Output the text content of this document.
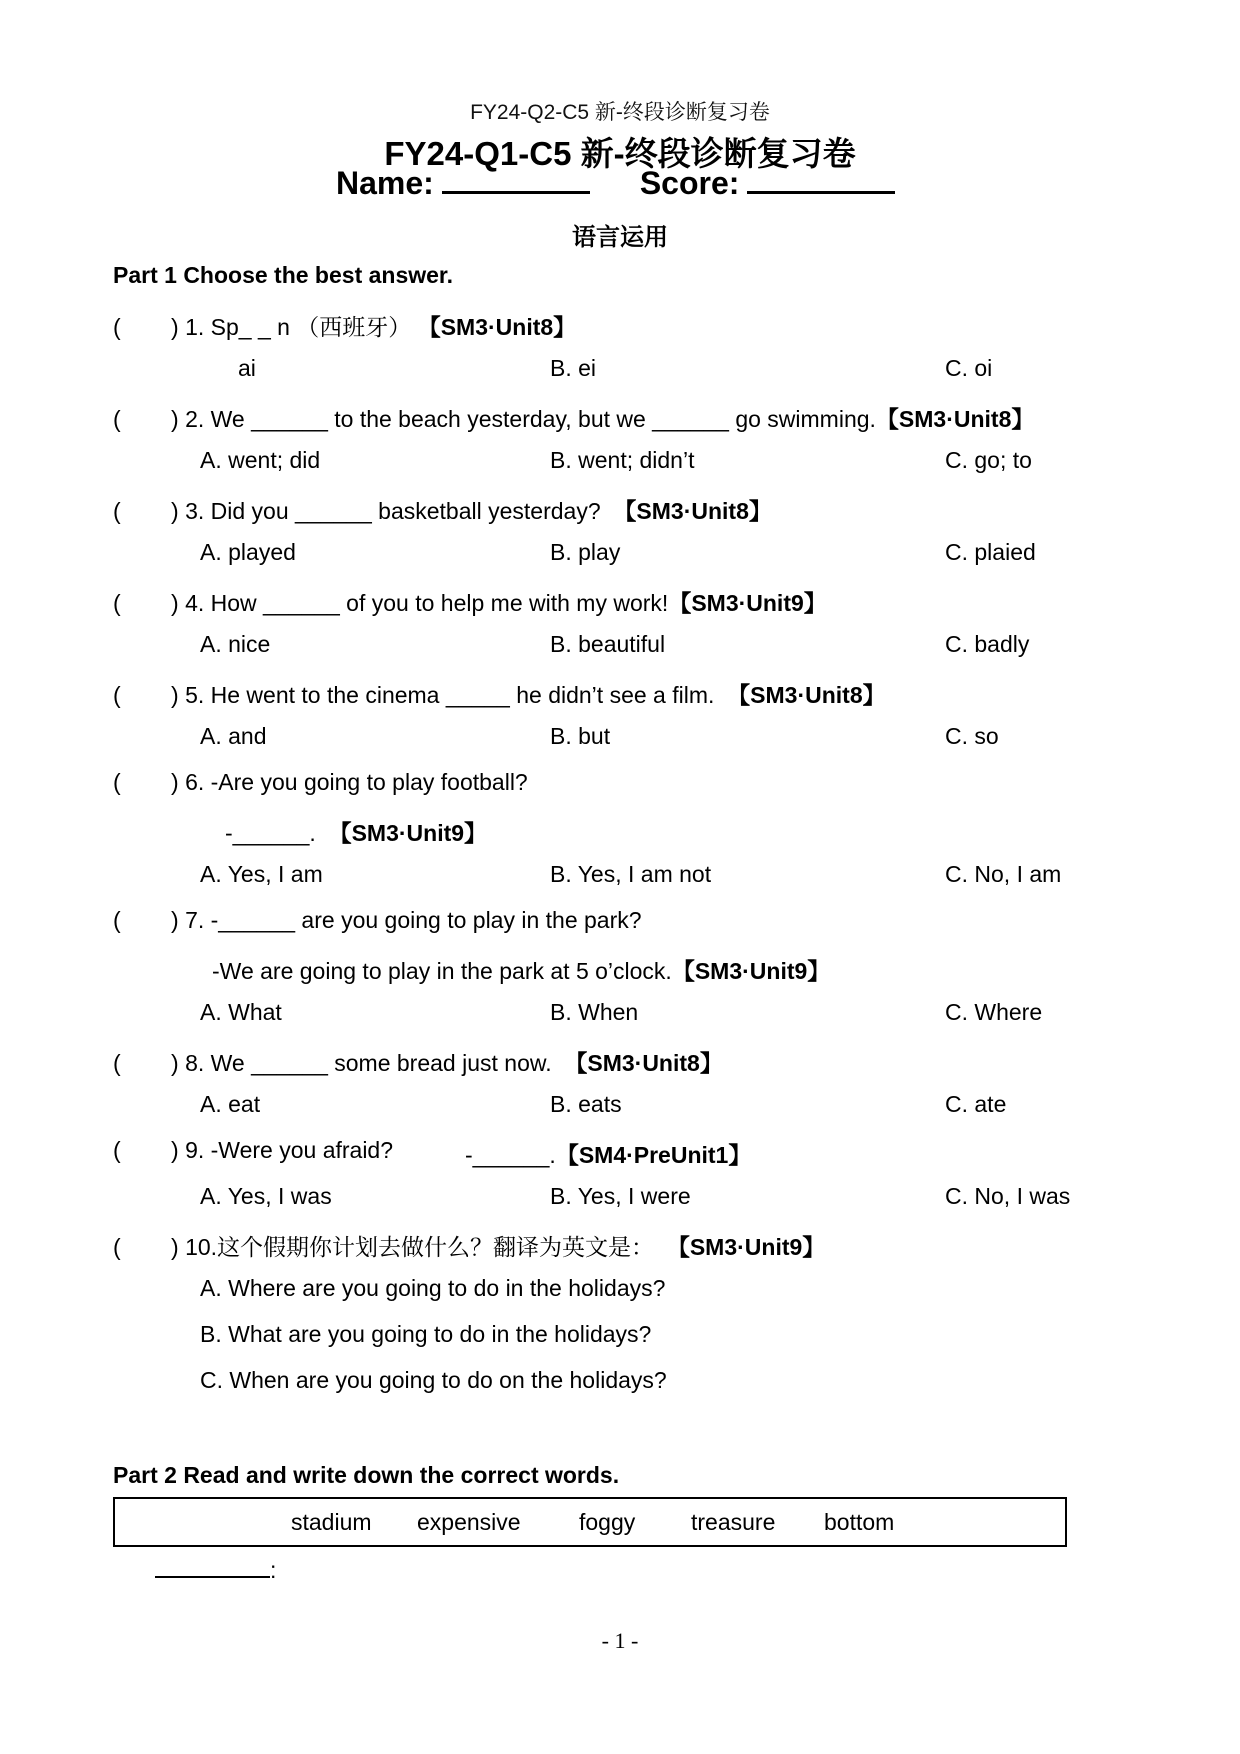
FY24-Q2-C5 新-终段诊断复习卷
FY24-Q1-C5 新-终段诊断复习卷
Name:	Score:
语言运用
Part 1 Choose the best answer.
( ) 1. Sp_ _ n （西班牙） 【SM3·Unit8】
ai	B. ei	C. oi
( ) 2. We ______ to the beach yesterday, but we ______ go swimming.【SM3·Unit8】
A. went; did	B. went; didn’t	C. go; to
( ) 3. Did you ______ basketball yesterday? 【SM3·Unit8】
A. played	B. play	C. plaied
( ) 4. How ______ of you to help me with my work!【SM3·Unit9】
A. nice	B. beautiful	C. badly
( ) 5. He went to the cinema _____ he didn’t see a film. 【SM3·Unit8】
A. and	B. but	C. so
( ) 6. -Are you going to play football?
-______. 【SM3·Unit9】
A. Yes, I am	B. Yes, I am not	C. No, I am
( ) 7. -______ are you going to play in the park?
-We are going to play in the park at 5 o’clock.【SM3·Unit9】
A. What	B. When	C. Where
( ) 8. We ______ some bread just now. 【SM3·Unit8】
A. eat	B. eats	C. ate
( ) 9. -Were you afraid?	-______.【SM4·PreUnit1】
A. Yes, I was	B. Yes, I were	C. No, I was
( ) 10.这个假期你计划去做什么？翻译为英文是： 【SM3·Unit9】
A. Where are you going to do in the holidays?
B. What are you going to do in the holidays?
C. When are you going to do on the holidays?
Part 2 Read and write down the correct words.
stadium expensive	foggy treasure bottom
:
- 1 -
